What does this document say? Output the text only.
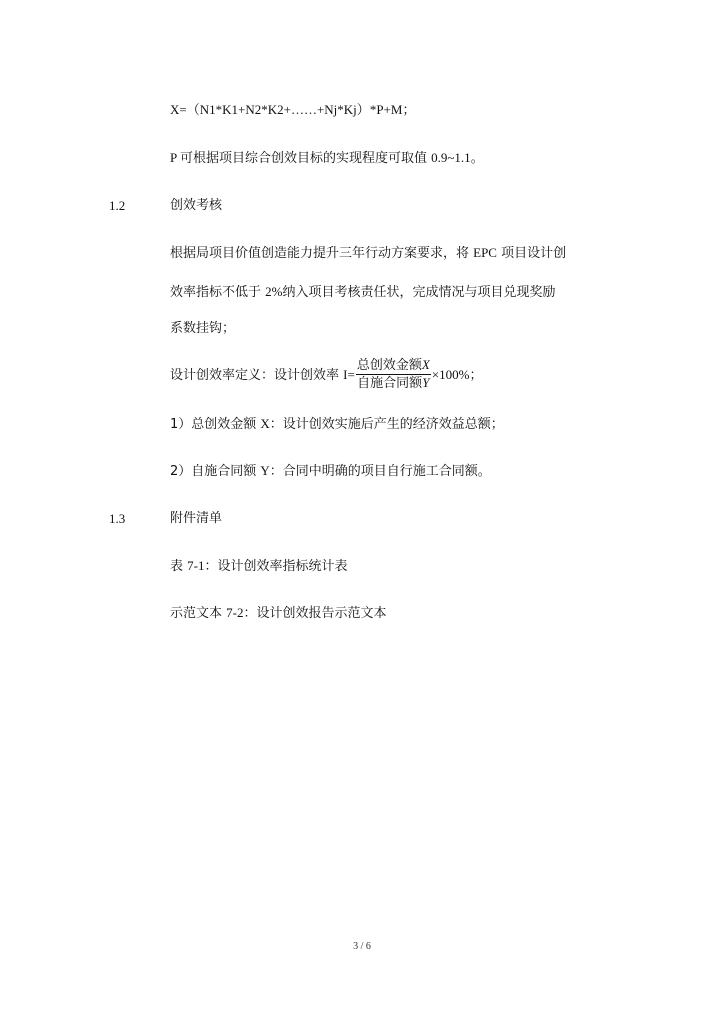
X=（N1*K1+N2*K2+……+Nj*Kj）*P+M；
P 可根据项目综合创效目标的实现程度可取值 0.9~1.1。
1.2	创效考核
根据局项目价值创造能力提升三年行动方案要求，将 EPC 项目设计创
效率指标不低于 2%纳入项目考核责任状，完成情况与项目兑现奖励
系数挂钩；
设计创效率定义：设计创效率 $I= \frac{\text{总创效金额X}}{\text{自施合同额Y}} \times 100\%$；
1）总创效金额 X：设计创效实施后产生的经济效益总额；
2）自施合同额 Y：合同中明确的项目自行施工合同额。
1.3	附件清单
表 7-1：设计创效率指标统计表
示范文本 7-2：设计创效报告示范文本
3 / 6
